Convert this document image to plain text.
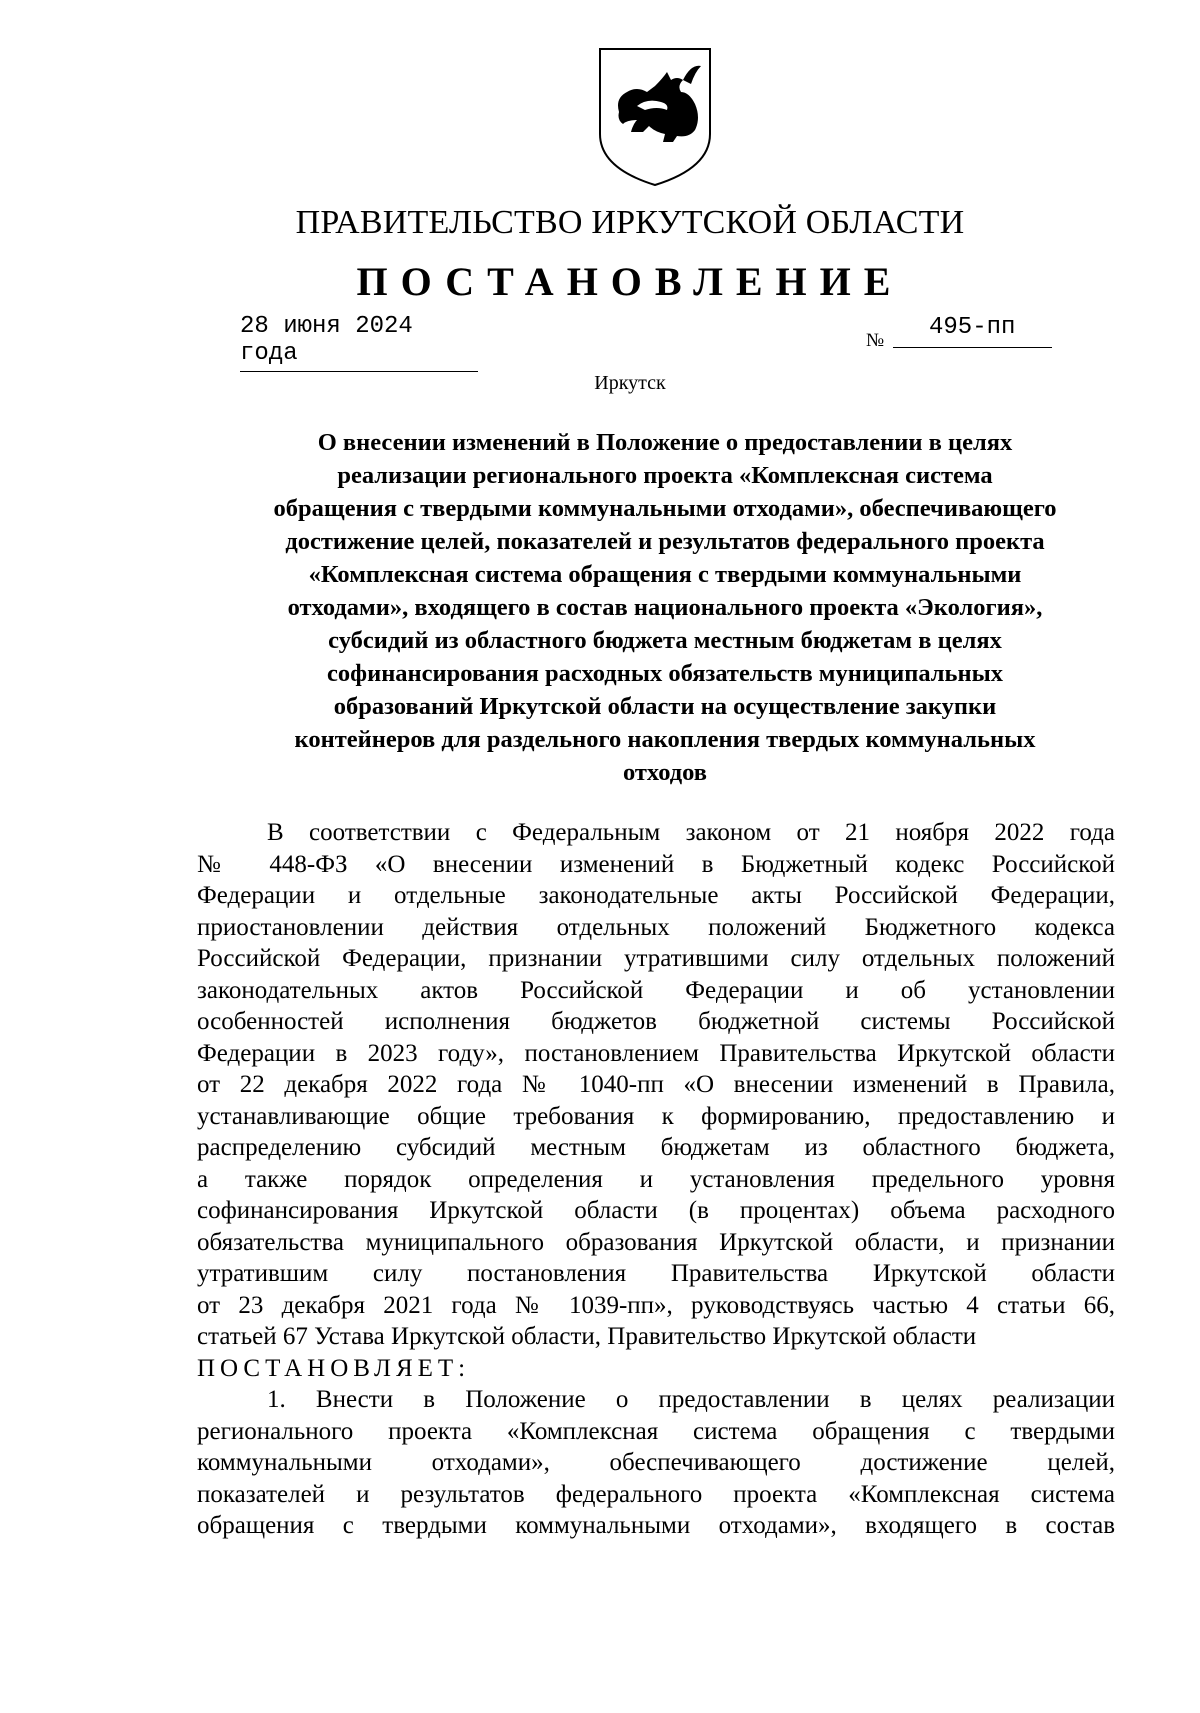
ПРАВИТЕЛЬСТВО ИРКУТСКОЙ ОБЛАСТИ
ПОСТАНОВЛЕНИЕ
28 июня 2024 года	№	495-пп
Иркутск
О внесении изменений в Положение о предоставлении в целях
реализации регионального проекта «Комплексная система
обращения с твердыми коммунальными отходами», обеспечивающего
достижение целей, показателей и результатов федерального проекта
«Комплексная система обращения с твердыми коммунальными
отходами», входящего в состав национального проекта «Экология»,
субсидий из областного бюджета местным бюджетам в целях
софинансирования расходных обязательств муниципальных
образований Иркутской области на осуществление закупки
контейнеров для раздельного накопления твердых коммунальных
отходов
В соответствии с Федеральным законом от 21 ноября 2022 года
№ 448-ФЗ «О внесении изменений в Бюджетный кодекс Российской
Федерации и отдельные законодательные акты Российской Федерации,
приостановлении действия отдельных положений Бюджетного кодекса
Российской Федерации, признании утратившими силу отдельных положений
законодательных актов Российской Федерации и об установлении
особенностей исполнения бюджетов бюджетной системы Российской
Федерации в 2023 году», постановлением Правительства Иркутской области
от 22 декабря 2022 года № 1040-пп «О внесении изменений в Правила,
устанавливающие общие требования к формированию, предоставлению и
распределению субсидий местным бюджетам из областного бюджета,
а также порядок определения и установления предельного уровня
софинансирования Иркутской области (в процентах) объема расходного
обязательства муниципального образования Иркутской области, и признании
утратившим силу постановления Правительства Иркутской области
от 23 декабря 2021 года № 1039-пп», руководствуясь частью 4 статьи 66,
статьей 67 Устава Иркутской области, Правительство Иркутской области
ПОСТАНОВЛЯЕТ:
1. Внести в Положение о предоставлении в целях реализации
регионального проекта «Комплексная система обращения с твердыми
коммунальными отходами», обеспечивающего достижение целей,
показателей и результатов федерального проекта «Комплексная система
обращения с твердыми коммунальными отходами», входящего в состав
